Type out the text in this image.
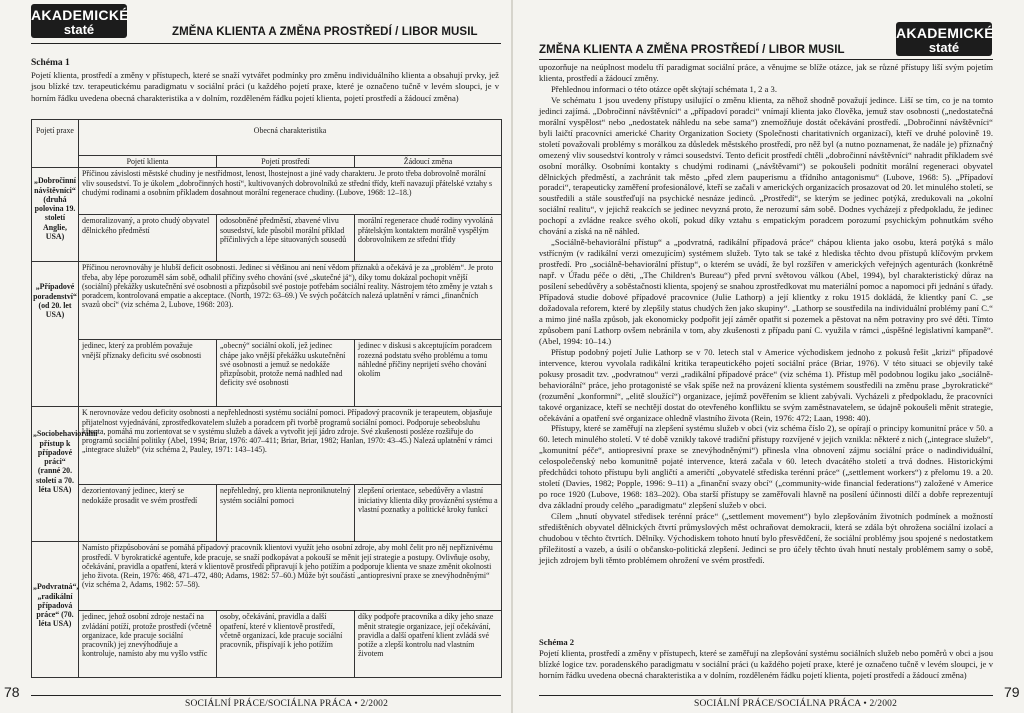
AKADEMICKÉ
staté	ZMĚNA KLIENTA A ZMĚNA PROSTŘEDÍ / LIBOR MUSIL
Schéma 1
Pojetí klienta, prostředí a změny v přístupech, které se snaží vytvářet podmínky pro změnu individuálního klienta a obsahují prvky, jež jsou blízké tzv. terapeutickému paradigmatu v sociální práci (u každého pojetí praxe, které je označeno tučně v levém sloupci, je v horním řádku uvedena obecná charakteristika a v dolním, rozděleném řádku pojetí klienta, pojetí prostředí a žádoucí změna)
Pojetí praxe	Obecná charakteristika		
	Pojetí klienta	Pojetí prostředí	Žádoucí změna
„Dobročinní návštěvníci“ (druhá polovina 19. století Anglie, USA)	Příčinou závislosti městské chudiny je nestřídmost, lenost, lhostejnost a jiné vady charakteru. Je proto třeba dobrovolně morální vliv sousedství. To je úkolem „dobročinných hostí“, kultivovaných dobrovolníků ze střední třídy, kteří navazují přátelské vztahy s chudými rodinami a osobním příkladem dosahnout morální regenerace chudiny. (Lubove, 1968: 12–18.)		
	demoralizovaný, a proto chudý obyvatel dělnického předměstí	odosobněné předměstí, zbavené vlivu sousedství, kde působil morální příklad příčinlivých a lépe situovaných sousedů	morální regenerace chudé rodiny vyvoláná přátelským kontaktem morálně vyspělým dobrovolníkem ze střední třídy
„Případové poradenství“ (od 20. let USA)	Příčinou nerovnováhy je hlubší deficit osobnosti. Jedinec si většinou ani není vědom příznaků a očekává je za „problém“. Je proto třeba, aby lépe porozuměl sám sobě, odhalil příčiny svého chování (své „skutečné já“), díky tomu dokázal pochopit vnější (sociální) překážky uskutečnění své osobnosti a přizpůsobil své postoje potřebám sociální reality. Nástrojem této změny je vztah s poradcem, kontrolovaná empatie a akceptace. (North, 1972: 63–69.) Ve svých počátcích nalezá uplatnění v rámci „finančních svazů obcí“ (viz schéma 2, Lubove, 1968: 203).		
	jedinec, který za problém považuje vnější příznaky deficitu své osobnosti	„obecný“ sociální okolí, jež jedinec chápe jako vnější překážku uskutečnění své osobnosti a jemuž se nedokáže přizpůsobit, protože nemá nadhled nad deficity své osobnosti	jedinec v diskusi s akceptujícím poradcem rozezná podstatu svého problému a tomu náhledné příčiny neprijetí svého chování okolím
„Sociobehaviorální přístup k případové práci“ (ranné 20. století a 70. léta USA)	K nerovnováze vedou deficity osobnosti a nepřehlednosti systému sociální pomoci. Případový pracovník je terapeutem, objasňuje přijatelnost vyjednávání, zprostředkovatelem služeb a poradcem při tvorbě programů sociální pomoci. Podporuje sebeobsluhu klienta, pomáhá mu zorientovat se v systému služeb a dávek a vytvořit její jádro zdroje. Své zkušenosti posléze rozšiřuje do programů sociální politiky (Abel, 1994; Briar, 1976: 407–411; Briar, Briar, 1982; Hanlan, 1970: 43–45.) Nalezá uplatnění v rámci „integrace služeb“ (viz schéma 2, Pauley, 1971: 143–145).		
	dezorientovaný jedinec, který se nedokáže prosadit ve svém prostředí	nepřehledný, pro klienta neproniknutelný systém sociální pomoci	zlepšení orientace, sebedůvěry a vlastní iniciativy klienta díky prováznění systému a vlastní poznatky a politické kroky funkcí
„Podvratná“, „radikální případová práce“ (70. léta USA)	Namísto přizpůsobování se pomáhá případový pracovník klientovi využít jeho osobní zdroje, aby mohl čelit pro něj nepříznivému prostředí. V byrokratické agentuře, kde pracuje, se snaží podkopávat a pokouší se měnit její strategie a postupy. Ovlivňuje osoby, očekávání, pravidla a opatření, která v klientově prostředí připravují k jeho potížím a podporuje klienta ve snaze změnit okolnosti jeho života. (Rein, 1976: 468, 471–472, 480; Adams, 1982: 57–60.) Může být součástí „antiopresivní praxe se znevýhodněnými“ (viz schéma 2, Adams, 1982: 57–58).		
	jedinec, jehož osobní zdroje nestačí na zvládání potíží, protože prostředí (včetně organizace, kde pracuje sociální pracovník) jej znevýhodňuje a kontroluje, namísto aby mu vyšlo vstříc	osoby, očekávání, pravidla a další opatření, které v klientově prostředí, včetně organizací, kde pracuje sociální pracovník, přispívají k jeho potížím	díky podpoře pracovníka a díky jeho snaze měnit strategie organizace, její očekávání, pravidla a další opatření klient zvládá své potíže a zlepší kontrolu nad vlastním životem
78
SOCIÁLNÍ PRÁCE/SOCIÁLNA PRÁCA • 2/2002
ZMĚNA KLIENTA A ZMĚNA PROSTŘEDÍ / LIBOR MUSIL
AKADEMICKÉ
staté

upozorňuje na neúplnost modelu tří paradigmat sociální práce, a věnujme se blíže otázce, jak se různé přístupy liší svým pojetím klienta, prostředí a žádoucí změny.

Přehlednou informaci o této otázce opět skýtají schémata 1, 2 a 3.

Ve schématu 1 jsou uvedeny přístupy usilující o změnu klienta, za něhož shodně považují jedince. Liší se tím, co je na tomto jedinci zajímá. „Dobročinní návštěvníci“ a „případoví poradci“ vnímají klienta jako člověka, jemuž stav osobnosti („nedostatečná morální vyspělost“ nebo „nedostatek náhledu na sebe sama“) znemožňuje dostát očekávání prostředí. „Dobročinní návštěvníci“ byli laičtí pracovníci americké Charity Organization Society (Společnosti charitativních organizací), kteří ve druhé polovině 19. století považovali problémy s morálkou za důsledek městského prostředí, pro něž byl (a nutno poznamenat, že nadále je) příznačný omezený vliv sousedství kontroly v rámci sousedství. Tento deficit prostředí chtěli „dobročinní návštěvníci“ nahradit příkladem své osobní morálky. Osobními kontakty s chudými rodinami („návštěvami“) se pokoušeli podnítit morální regeneraci obyvatel dělnických předměstí, a zachránit tak město „před zlem pauperismu a třídního antagonismu“ (Lubove, 1968: 5). „Případoví poradci“, terapeuticky zaměření profesionálové, kteří se začali v amerických organizacích prosazovat od 20. let minulého století, se soustředili a stále soustřeďují na psychické nesnáze jedinců. „Prostředí“, se kterým se jedinec potýká, zredukovali na „okolní sociální realitu“, v jejichž reakcích se jedinec nevyzná proto, že nerozumí sám sobě. Dodnes vycházejí z předpokladu, že jedinec pochopí a zvládne reakce svého okolí, pokud díky vztahu s empatickým poradcem porozumí psychickým pohnutkám svého chování a získá na ně náhled.

„Sociálně-behaviorální přístup“ a „podvratná, radikální případová práce“ chápou klienta jako osobu, která potýká s málo vstřícným (v radikální verzi omezujícím) systémem služeb. Tyto tak se také z hlediska těchto dvou přístupů klíčovým prvkem prostředí. Pro „sociálně-behaviorální přístup“, o kterém se uvádí, že byl rozšířen v amerických veřejných agenturách (konkrétně např. v Úřadu péče o děti, „The Children's Bureau“) před první světovou válkou (Abel, 1994), byl charakteristický důraz na posílení sebedůvěry a soběstačnosti klienta, spojený se snahou zprostředkovat mu materiální pomoc a napomoci při jednání s úřady. Případová studie dobové případové pracovnice (Julie Lathorp) a její klientky z roku 1915 dokládá, že klientky paní C. „se dožadovala reforem, které by zlepšily status chudých žen jako skupiny“. „Lathorp se soustředila na individuální problémy paní C.“ a mimo jiné našla způsob, jak ekonomicky podpořit její záměr opatřit si pozemek a pěstovat na něm potraviny pro své děti. Tímto způsobem paní Lathorp ovšem nebránila v tom, aby zkušenosti z případu paní C. využila v rámci „úspěšné legislativní kampaně“. (Abel, 1994: 10–14.)

Přístup podobný pojetí Julie Lathorp se v 70. letech stal v Americe východiskem jednoho z pokusů řešit „krizi“ případové intervence, kterou vyvolala radikální kritika terapeutického pojetí sociální práce (Briar, 1976). V této situaci se objevily také pokusy prosadit tzv. „podvratnou“ verzi „radikální případové práce“ (viz schéma 1). Přístup měl podobnou logiku jako „sociálně-behaviorální“ práce, jeho protagonisté se však spíše než na provázení klienta systémem soustředili na změnu prase „byrokratické“ (rozumění „konformní“, „elitě sloužící“) organizace, jejímž pověřením se klient zabývali. Vycházeli z předpokladu, že pracovníci takové organizace, kteří se nechtějí dostat do otevřeného konfliktu se svým zaměstnavatelem, se údajně pokoušeli měnit strategie, očekávání a opatření své organizace ohledně vlastního života (Rein, 1976: 472; Laan, 1998: 40).

Přístupy, které se zaměřují na zlepšení systému služeb v obci (viz schéma číslo 2), se opírají o principy komunitní práce v 50. a 60. letech minulého století. V té době vznikly takové tradiční přístupy rozvíjené v jejich vznikla: některé z nich („integrace služeb“, „komunitní péče“, antiopresivní praxe se znevýhodněnými“) přinesla vlna obnovení zájmu sociální práce o nadindividuální, celospolečenský nebo komunitně pojaté intervence, která začala v 60. letech dvacátého století a trvá dodnes. Historickými předchůdci tohoto přístupu byli angličtí a američtí „obyvatelé střediska terénní práce“ („settlement workers“) z přelomu 19. a 20. století (Davies, 1982; Popple, 1996: 9–11) a „finanční svazy obcí“ („community-wide financial federations“) založené v Americe po roce 1920 (Lubove, 1968: 183–202). Oba starší přístupy se zaměřovali hlavně na posílení účinnosti dílčí a dobře reprezentují dva základní proudy celého „paradigmatu“ zlepšení služeb v obci.

Cílem „hnutí obyvatel středisek terénní práce“ („settlement movement“) bylo zlepšováním životních podmínek a možností středištěních obyvatel dělnických čtvrtí průmyslových měst ochraňovat demokracii, která se zdála být ohrožena sociální izolací a chudobou v těchto čtvrtích. Dělníky. Východiskem tohoto hnutí bylo přesvědčení, že sociální problémy jsou spojené s nedostatkem příležitostí a vazeb, a úsilí o občansko-politická zlepšení. Jedinci se pro účely těchto úvah hnutí nestaly problémem samy o sobě, jejich zdrojem byli těmto problémem ohrožení ve svém prostředí.

Schéma 2

Pojetí klienta, prostředí a změny v přístupech, které se zaměřují na zlepšování systému sociálních služeb nebo poměrů v obci a jsou blízké logice tzv. poradenského paradigmatu v sociální práci (u každého pojetí praxe, které je označeno tučně v levém sloupci, je v horním řádku uvedena obecná charakteristika a v dolním, rozděleném řádku pojetí klienta, pojetí prostředí a žádoucí změna)

SOCIÁLNÍ PRÁCE/SOCIÁLNA PRÁCA • 2/2002
79
